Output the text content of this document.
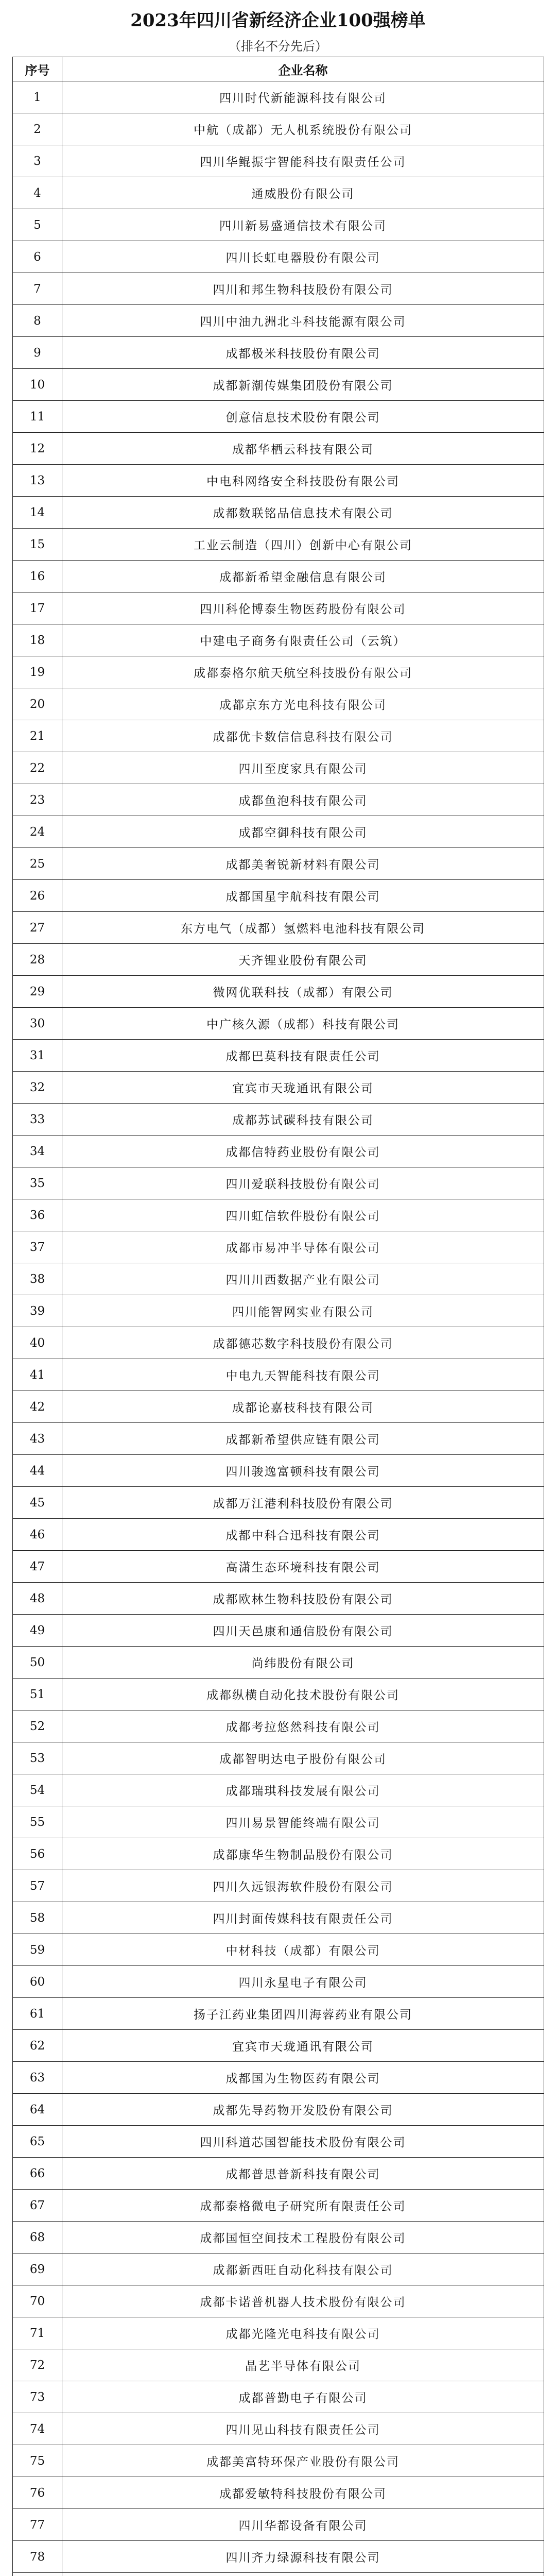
2023年四川省新经济企业100强榜单
（排名不分先后）
序号	企业名称
1	四川时代新能源科技有限公司
2	中航（成都）无人机系统股份有限公司
3	四川华鲲振宇智能科技有限责任公司
4	通威股份有限公司
5	四川新易盛通信技术有限公司
6	四川长虹电器股份有限公司
7	四川和邦生物科技股份有限公司
8	四川中油九洲北斗科技能源有限公司
9	成都极米科技股份有限公司
10	成都新潮传媒集团股份有限公司
11	创意信息技术股份有限公司
12	成都华栖云科技有限公司
13	中电科网络安全科技股份有限公司
14	成都数联铭品信息技术有限公司
15	工业云制造（四川）创新中心有限公司
16	成都新希望金融信息有限公司
17	四川科伦博泰生物医药股份有限公司
18	中建电子商务有限责任公司（云筑）
19	成都泰格尔航天航空科技股份有限公司
20	成都京东方光电科技有限公司
21	成都优卡数信信息科技有限公司
22	四川至度家具有限公司
23	成都鱼泡科技有限公司
24	成都空御科技有限公司
25	成都美奢锐新材料有限公司
26	成都国星宇航科技有限公司
27	东方电气（成都）氢燃料电池科技有限公司
28	天齐锂业股份有限公司
29	微网优联科技（成都）有限公司
30	中广核久源（成都）科技有限公司
31	成都巴莫科技有限责任公司
32	宜宾市天珑通讯有限公司
33	成都苏试碳科技有限公司
34	成都信特药业股份有限公司
35	四川爱联科技股份有限公司
36	四川虹信软件股份有限公司
37	成都市易冲半导体有限公司
38	四川川西数据产业有限公司
39	四川能智网实业有限公司
40	成都德芯数字科技股份有限公司
41	中电九天智能科技有限公司
42	成都论嘉枝科技有限公司
43	成都新希望供应链有限公司
44	四川骏逸富顿科技有限公司
45	成都万江港利科技股份有限公司
46	成都中科合迅科技有限公司
47	高潇生态环境科技有限公司
48	成都欧林生物科技股份有限公司
49	四川天邑康和通信股份有限公司
50	尚纬股份有限公司
51	成都纵横自动化技术股份有限公司
52	成都考拉悠然科技有限公司
53	成都智明达电子股份有限公司
54	成都瑞琪科技发展有限公司
55	四川易景智能终端有限公司
56	成都康华生物制品股份有限公司
57	四川久远银海软件股份有限公司
58	四川封面传媒科技有限责任公司
59	中材科技（成都）有限公司
60	四川永星电子有限公司
61	扬子江药业集团四川海蓉药业有限公司
62	宜宾市天珑通讯有限公司
63	成都国为生物医药有限公司
64	成都先导药物开发股份有限公司
65	四川科道芯国智能技术股份有限公司
66	成都普思普新科技有限公司
67	成都泰格微电子研究所有限责任公司
68	成都国恒空间技术工程股份有限公司
69	成都新西旺自动化科技有限公司
70	成都卡诺普机器人技术股份有限公司
71	成都光隆光电科技有限公司
72	晶艺半导体有限公司
73	成都普勤电子有限公司
74	四川见山科技有限责任公司
75	成都美富特环保产业股份有限公司
76	成都爱敏特科技股份有限公司
77	四川华都设备有限公司
78	四川齐力绿源科技有限公司
